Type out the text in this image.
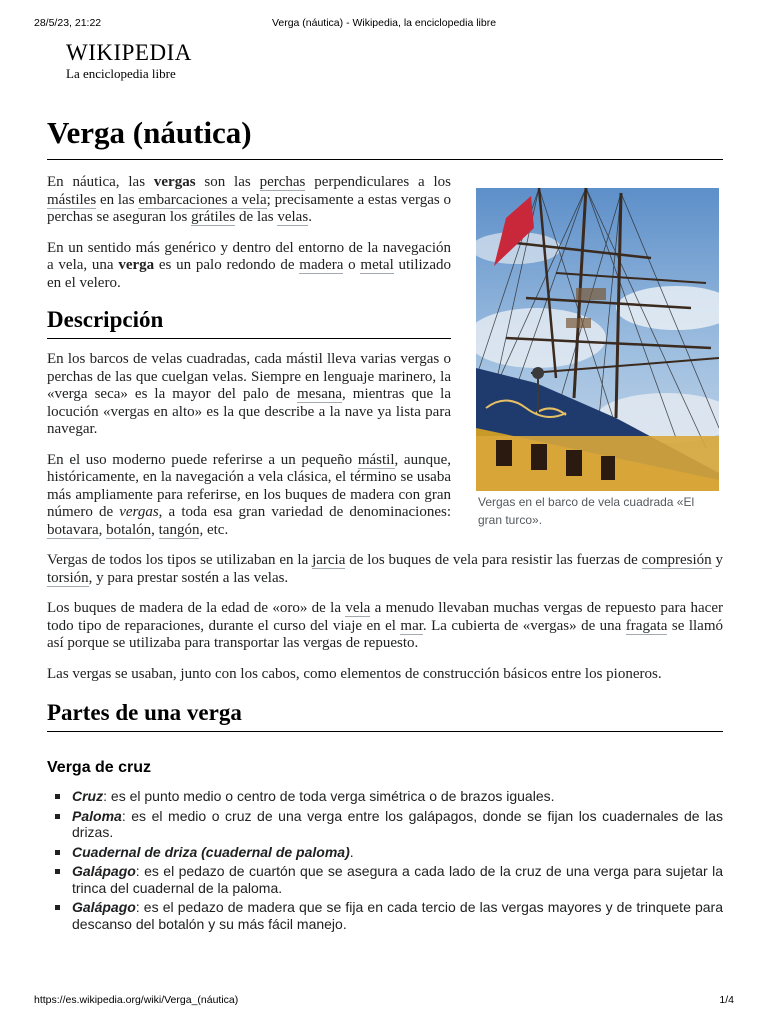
28/5/23, 21:22	Verga (náutica) - Wikipedia, la enciclopedia libre
WIKIPEDIA
La enciclopedia libre
Verga (náutica)
Vergas en el barco de vela cuadrada «El gran turco».

En náutica, las vergas son las perchas perpendiculares a los mástiles en las embarcaciones a vela; precisamente a estas vergas o perchas se aseguran los grátiles de las velas.

En un sentido más genérico y dentro del entorno de la navegación a vela, una verga es un palo redondo de madera o metal utilizado en el velero.

Descripción

En los barcos de velas cuadradas, cada mástil lleva varias vergas o perchas de las que cuelgan velas. Siempre en lenguaje marinero, la «verga seca» es la mayor del palo de mesana, mientras que la locución «vergas en alto» es la que describe a la nave ya lista para navegar.

En el uso moderno puede referirse a un pequeño mástil, aunque, históricamente, en la navegación a vela clásica, el término se usaba más ampliamente para referirse, en los buques de madera con gran número de vergas, a toda esa gran variedad de denominaciones: botavara, botalón, tangón, etc.

Vergas de todos los tipos se utilizaban en la jarcia de los buques de vela para resistir las fuerzas de compresión y torsión, y para prestar sostén a las velas.

Los buques de madera de la edad de «oro» de la vela a menudo llevaban muchas vergas de repuesto para hacer todo tipo de reparaciones, durante el curso del viaje en el mar. La cubierta de «vergas» de una fragata se llamó así porque se utilizaba para transportar las vergas de repuesto.

Las vergas se usaban, junto con los cabos, como elementos de construcción básicos entre los pioneros.

Partes de una verga
Verga de cruz
Cruz: es el punto medio o centro de toda verga simétrica o de brazos iguales.
Paloma: es el medio o cruz de una verga entre los galápagos, donde se fijan los cuadernales de las drizas.
Cuadernal de driza (cuadernal de paloma).
Galápago: es el pedazo de cuartón que se asegura a cada lado de la cruz de una verga para sujetar la trinca del cuadernal de la paloma.
Galápago: es el pedazo de madera que se fija en cada tercio de las vergas mayores y de trinquete para descanso del botalón y su más fácil manejo.
https://es.wikipedia.org/wiki/Verga_(náutica)	1/4
